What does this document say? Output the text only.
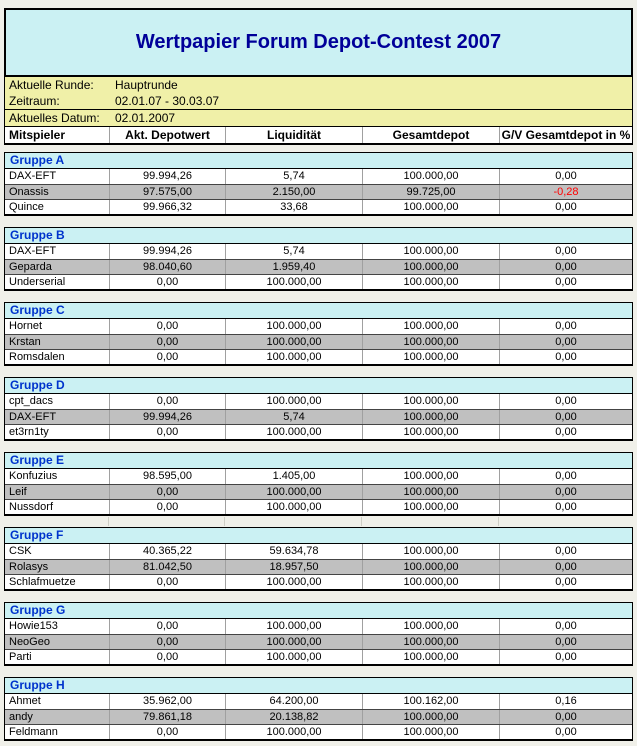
Wertpapier Forum Depot-Contest 2007
Aktuelle Runde:	Hauptrunde
Zeitraum:	02.01.07 - 30.03.07
Aktuelles Datum:	02.01.2007
Mitspieler	Akt. Depotwert	Liquidität	Gesamtdepot	G/V Gesamtdepot in %
Gruppe A
DAX-EFT	99.994,26	5,74	100.000,00	0,00
Onassis	97.575,00	2.150,00	99.725,00	-0,28
Quince	99.966,32	33,68	100.000,00	0,00
Gruppe B
DAX-EFT	99.994,26	5,74	100.000,00	0,00
Geparda	98.040,60	1.959,40	100.000,00	0,00
Underserial	0,00	100.000,00	100.000,00	0,00
Gruppe C
Hornet	0,00	100.000,00	100.000,00	0,00
Krstan	0,00	100.000,00	100.000,00	0,00
Romsdalen	0,00	100.000,00	100.000,00	0,00
Gruppe D
cpt_dacs	0,00	100.000,00	100.000,00	0,00
DAX-EFT	99.994,26	5,74	100.000,00	0,00
et3rn1ty	0,00	100.000,00	100.000,00	0,00
Gruppe E
Konfuzius	98.595,00	1.405,00	100.000,00	0,00
Leif	0,00	100.000,00	100.000,00	0,00
Nussdorf	0,00	100.000,00	100.000,00	0,00
Gruppe F
CSK	40.365,22	59.634,78	100.000,00	0,00
Rolasys	81.042,50	18.957,50	100.000,00	0,00
Schlafmuetze	0,00	100.000,00	100.000,00	0,00
Gruppe G
Howie153	0,00	100.000,00	100.000,00	0,00
NeoGeo	0,00	100.000,00	100.000,00	0,00
Parti	0,00	100.000,00	100.000,00	0,00
Gruppe H
Ahmet	35.962,00	64.200,00	100.162,00	0,16
andy	79.861,18	20.138,82	100.000,00	0,00
Feldmann	0,00	100.000,00	100.000,00	0,00
